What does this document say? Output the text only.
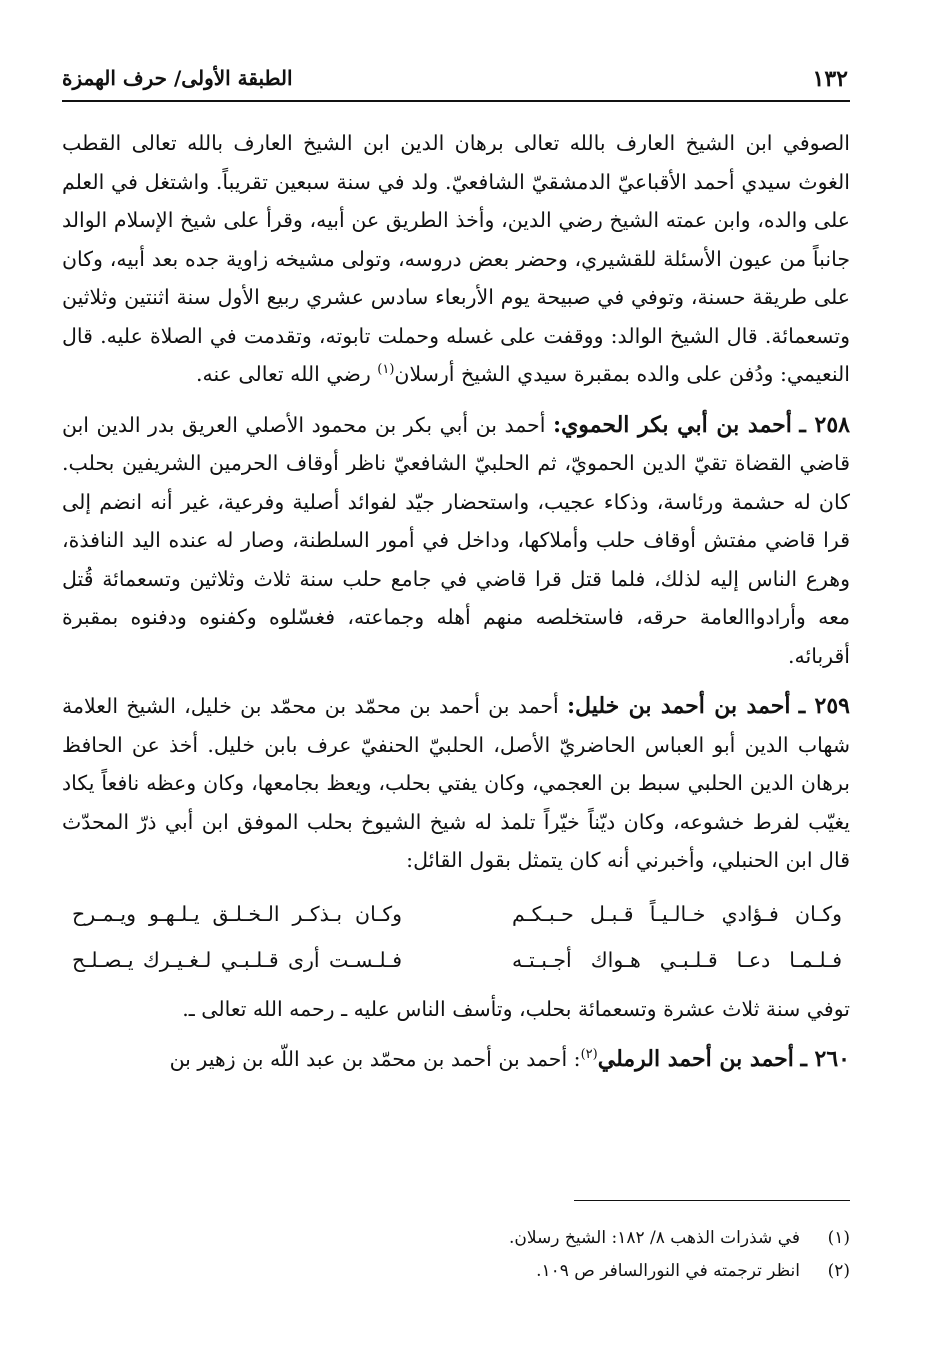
١٣٢
الطبقة الأولى/ حرف الهمزة

الصوفي ابن الشيخ العارف بالله تعالى برهان الدين ابن الشيخ العارف بالله تعالى القطب الغوث سيدي أحمد الأقباعيّ الدمشقيّ الشافعيّ. ولد في سنة سبعين تقريباً. واشتغل في العلم على والده، وابن عمته الشيخ رضي الدين، وأخذ الطريق عن أبيه، وقرأ على شيخ الإسلام الوالد جانباً من عيون الأسئلة للقشيري، وحضر بعض دروسه، وتولى مشيخه زاوية جده بعد أبيه، وكان على طريقة حسنة، وتوفي في صبيحة يوم الأربعاء سادس عشري ربيع الأول سنة اثنتين وثلاثين وتسعمائة. قال الشيخ الوالد: ووقفت على غسله وحملت تابوته، وتقدمت في الصلاة عليه. قال النعيمي: ودُفن على والده بمقبرة سيدي الشيخ أرسلان$^{(١)}$ رضي الله تعالى عنه.

٢٥٨ ـ أحمد بن أبي بكر الحموي: أحمد بن أبي بكر بن محمود الأصلي العريق بدر الدين ابن قاضي القضاة تقيّ الدين الحمويّ، ثم الحلبيّ الشافعيّ ناظر أوقاف الحرمين الشريفين بحلب. كان له حشمة ورئاسة، وذكاء عجيب، واستحضار جيّد لفوائد أصلية وفرعية، غير أنه انضم إلى قرا قاضي مفتش أوقاف حلب وأملاكها، وداخل في أمور السلطنة، وصار له عنده اليد النافذة، وهرع الناس إليه لذلك، فلما قتل قرا قاضي في جامع حلب سنة ثلاث وثلاثين وتسعمائة قُتل معه وأرادواالعامة حرقه، فاستخلصه منهم أهله وجماعته، فغسّلوه وكفنوه ودفنوه بمقبرة أقربائه.

٢٥٩ ـ أحمد بن أحمد بن خليل: أحمد بن أحمد بن محمّد بن محمّد بن خليل، الشيخ العلامة شهاب الدين أبو العباس الحاضريّ الأصل، الحلبيّ الحنفيّ عرف بابن خليل. أخذ عن الحافظ برهان الدين الحلبي سبط بن العجمي، وكان يفتي بحلب، ويعظ بجامعها، وكان وعظه نافعاً يكاد يغيّب لفرط خشوعه، وكان ديّناً خيّراً تلمذ له شيخ الشيوخ بحلب الموفق ابن أبي ذرّ المحدّث قال ابن الحنبلي، وأخبرني أنه كان يتمثل بقول القائل:

وكـان فـؤادي خـالـيـاً قـبـل حـبـكـم
وكـان بـذكـر الـخـلـق يـلـهـو ويـمـرح
فـلـمـا دعـا قـلـبـي هـواك أجـبـتـه
فـلـسـت أرى قـلـبـي لـغـيـرك يـصـلـح

توفي سنة ثلاث عشرة وتسعمائة بحلب، وتأسف الناس عليه ـ رحمه الله تعالى ـ.

٢٦٠ ـ أحمد بن أحمد الرملي$^{(٢)}$: أحمد بن أحمد بن محمّد بن عبد اللّه بن زهير بن

(١)
في شذرات الذهب ٨/ ١٨٢: الشيخ رسلان.
(٢)
انظر ترجمته في النورالسافر ص ١٠٩.
